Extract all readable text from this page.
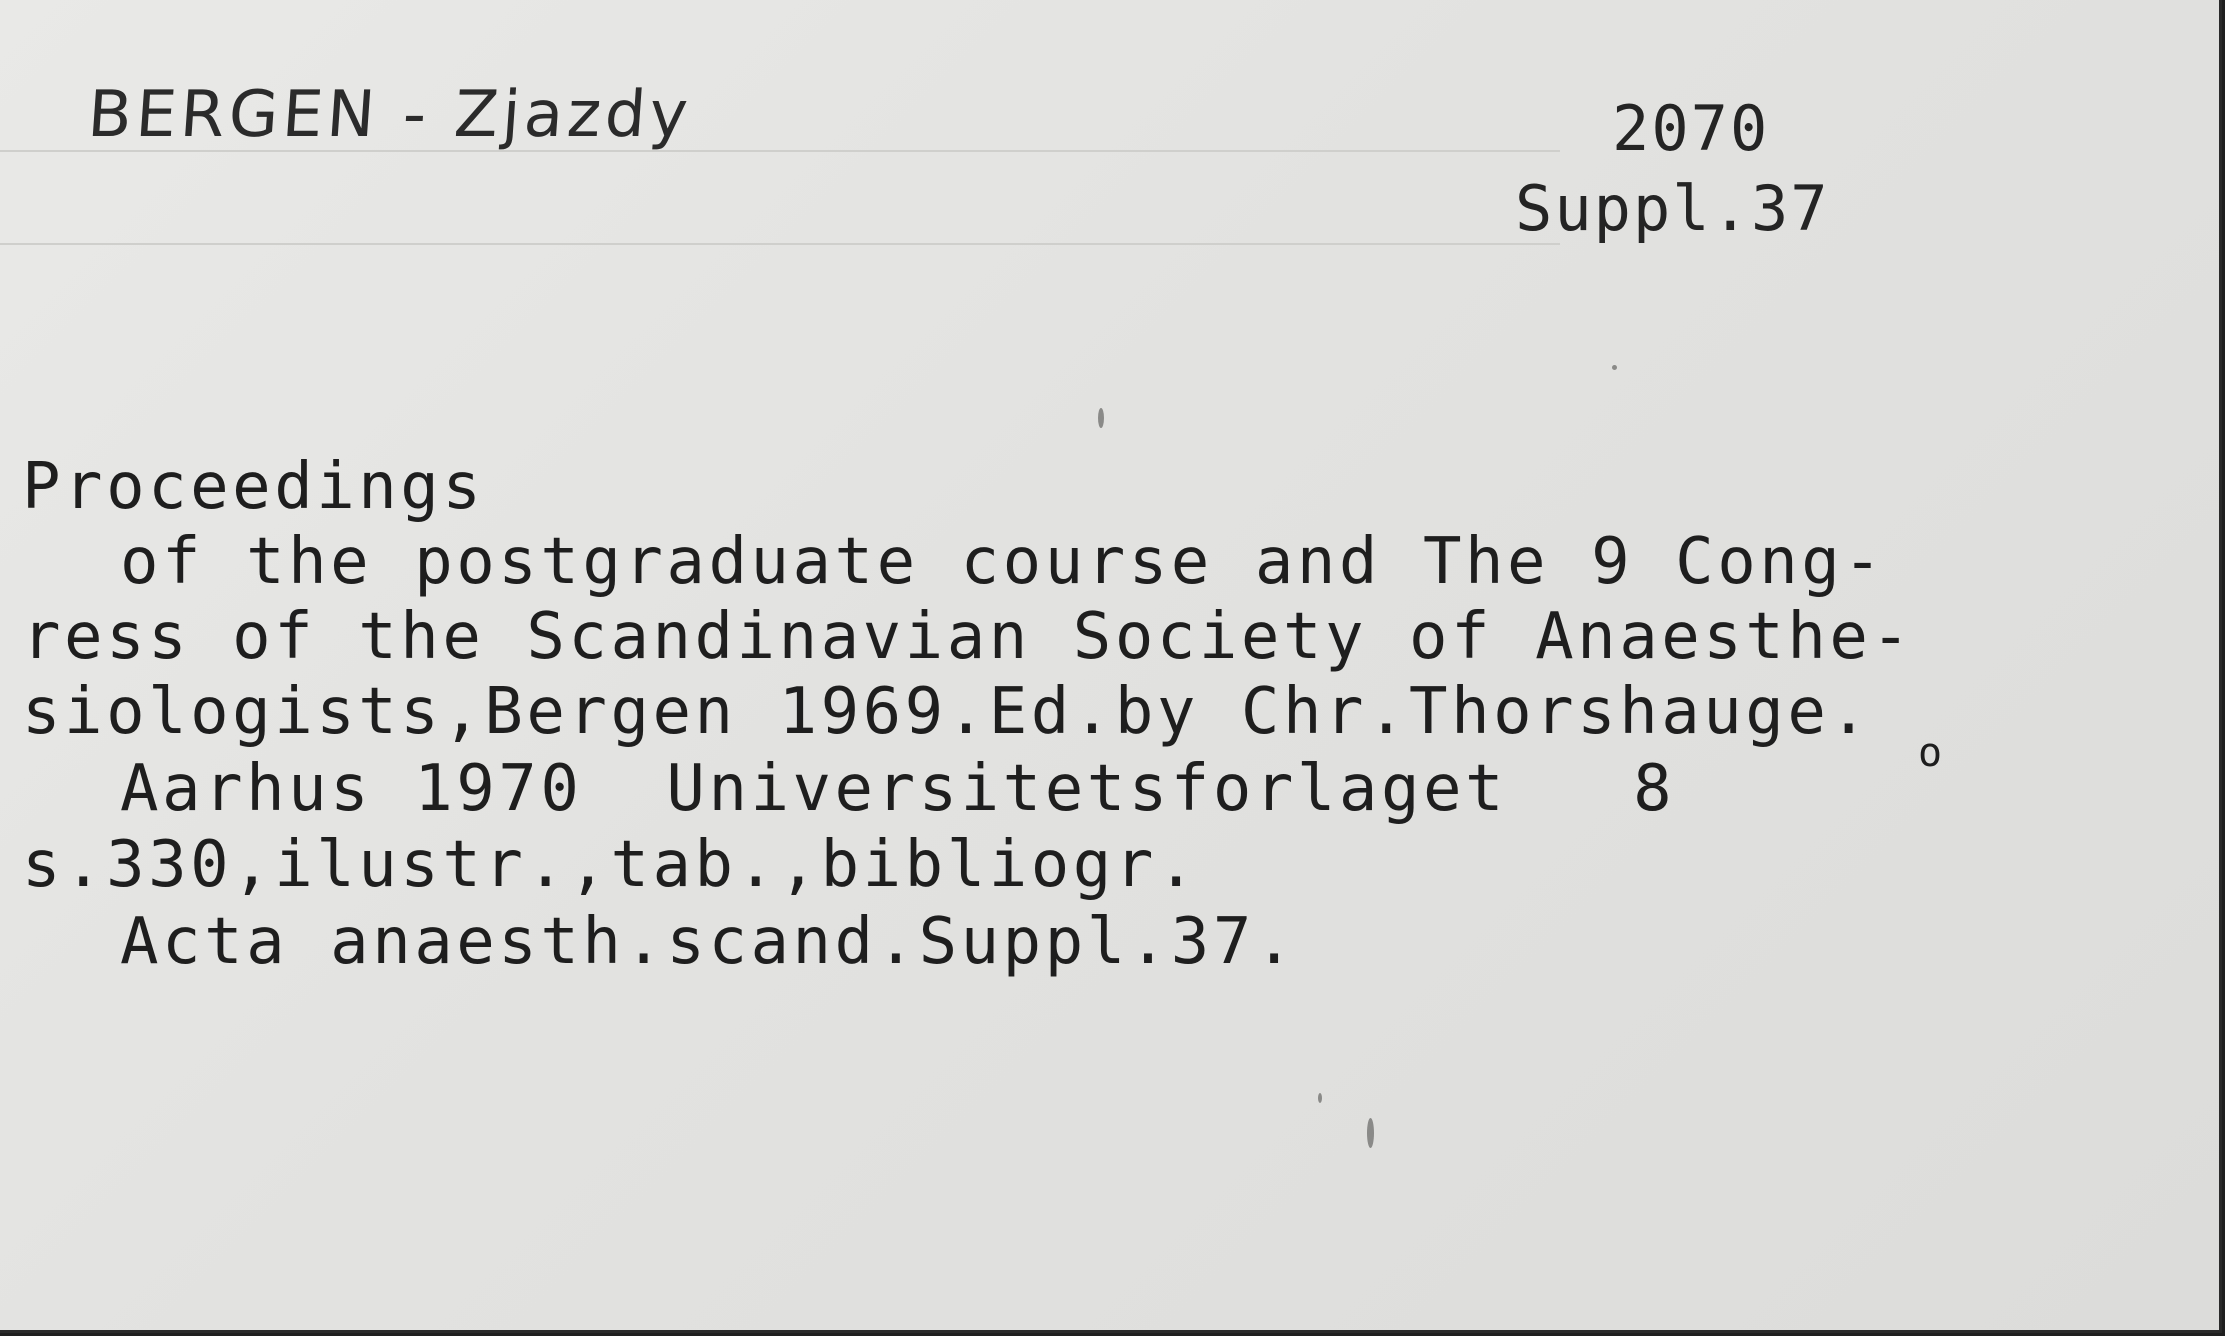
BERGEN - Zjazdy	2070
Suppl.37
Proceedings
of the postgraduate course and The 9 Cong-
ress of the Scandinavian Society of Anaesthe-
siologists,Bergen 1969.Ed.by Chr.Thorshauge.
Aarhus 1970  Universitetsforlaget   8	o
s.330,ilustr.,tab.,bibliogr.
Acta anaesth.scand.Suppl.37.
